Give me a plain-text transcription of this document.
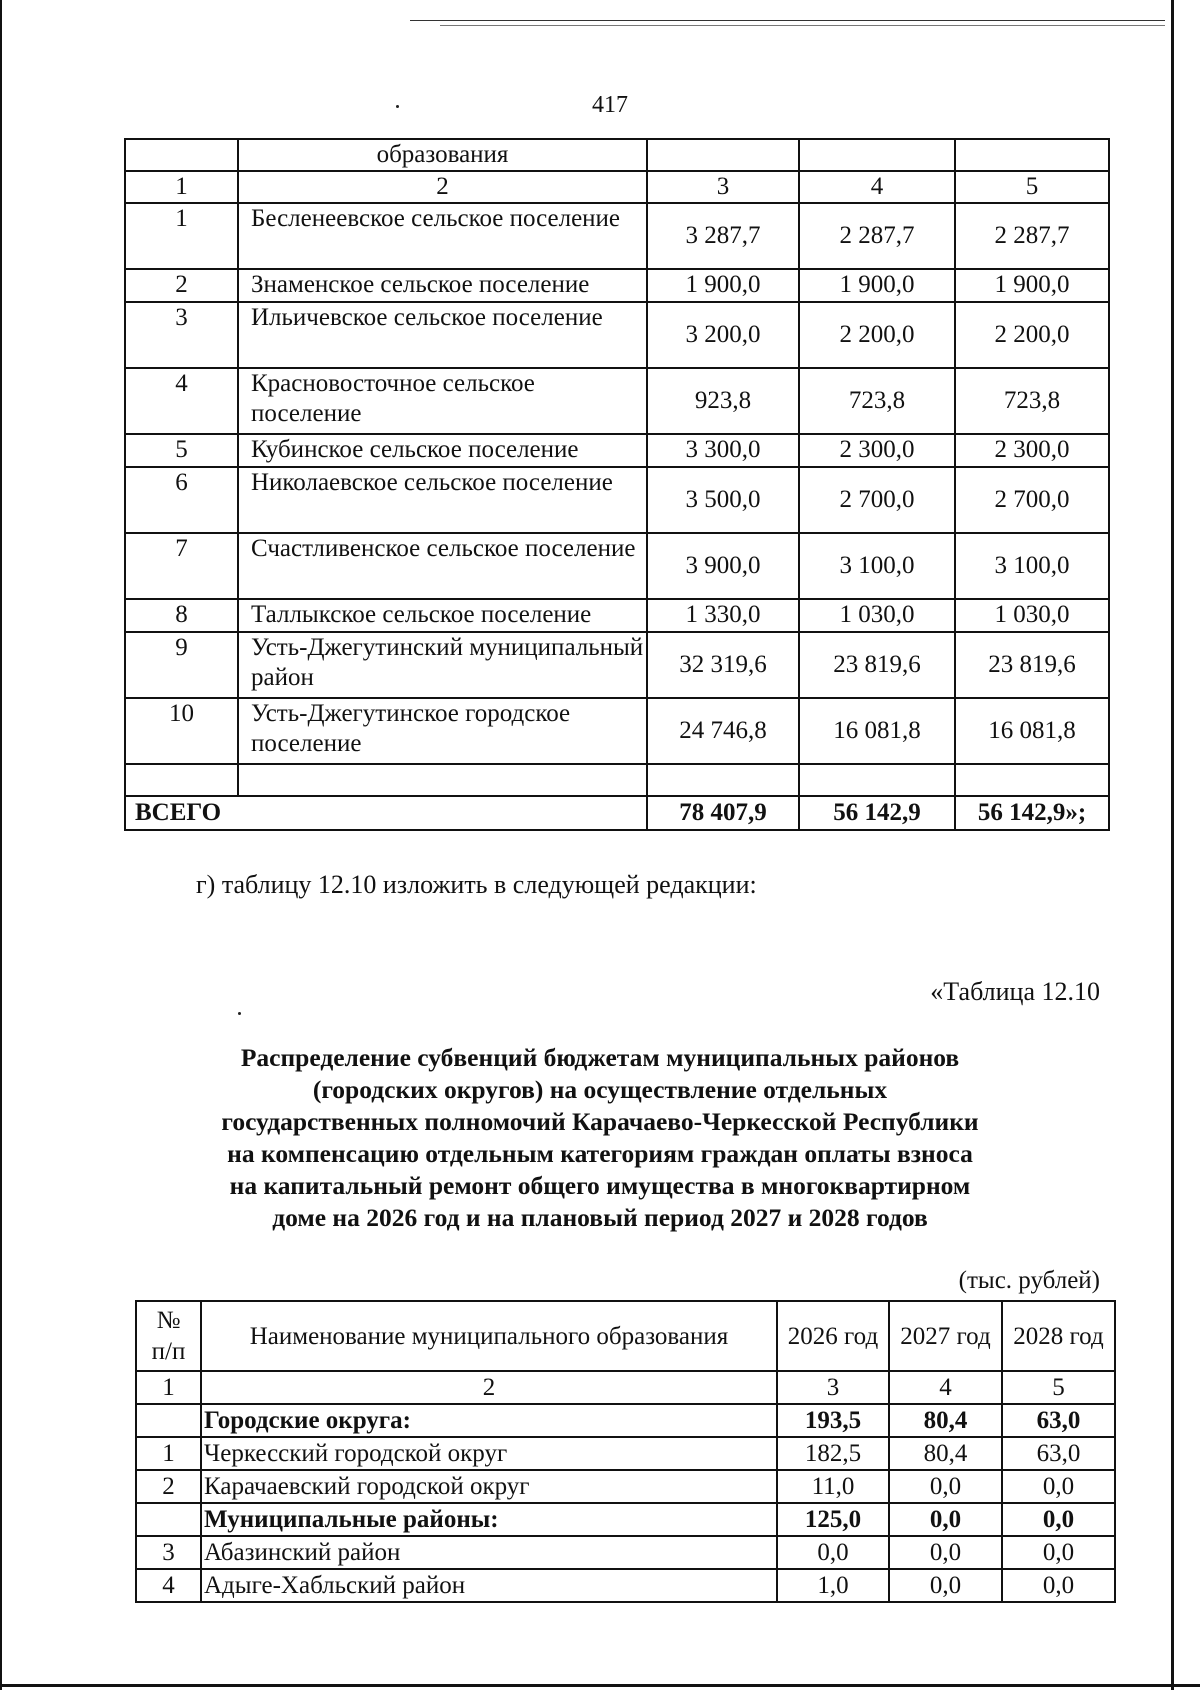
417
	образования			
1	2	3	4	5
1	Бесленеевское сельское поселение	3 287,7	2 287,7	2 287,7
2	Знаменское сельское поселение	1 900,0	1 900,0	1 900,0
3	Ильичевское сельское поселение	3 200,0	2 200,0	2 200,0
4	Красновосточное сельское поселение	923,8	723,8	723,8
5	Кубинское сельское поселение	3 300,0	2 300,0	2 300,0
6	Николаевское сельское поселение	3 500,0	2 700,0	2 700,0
7	Счастливенское сельское поселение	3 900,0	3 100,0	3 100,0
8	Таллыкское сельское поселение	1 330,0	1 030,0	1 030,0
9	Усть-Джегутинский муниципальный район	32 319,6	23 819,6	23 819,6
10	Усть-Джегутинское городское поселение	24 746,8	16 081,8	16 081,8

ВСЕГО		78 407,9	56 142,9	56 142,9»;
г) таблицу 12.10 изложить в следующей редакции:
«Таблица 12.10
Распределение субвенций бюджетам муниципальных районов
(городских округов) на осуществление отдельных
государственных полномочий Карачаево-Черкесской Республики
на компенсацию отдельным категориям граждан оплаты взноса
на капитальный ремонт общего имущества в многоквартирном
доме на 2026 год и на плановый период 2027 и 2028 годов
(тыс. рублей)
№
п/п	Наименование муниципального образования	2026 год	2027 год	2028 год
1	2	3	4	5
	Городские округа:	193,5	80,4	63,0
1	Черкесский городской округ	182,5	80,4	63,0
2	Карачаевский городской округ	11,0	0,0	0,0
	Муниципальные районы:	125,0	0,0	0,0
3	Абазинский район	0,0	0,0	0,0
4	Адыге-Хабльский район	1,0	0,0	0,0
